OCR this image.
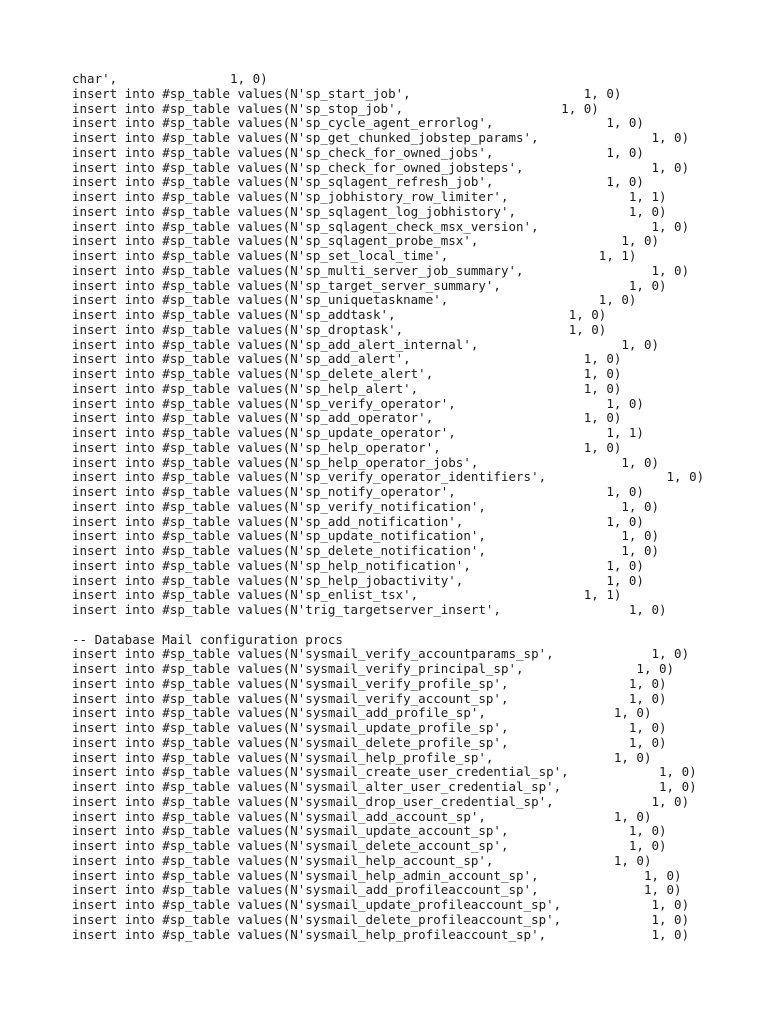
char',               1, 0)
insert into #sp_table values(N'sp_start_job',                       1, 0)
insert into #sp_table values(N'sp_stop_job',                     1, 0)
insert into #sp_table values(N'sp_cycle_agent_errorlog',               1, 0)
insert into #sp_table values(N'sp_get_chunked_jobstep_params',               1, 0)
insert into #sp_table values(N'sp_check_for_owned_jobs',               1, 0)
insert into #sp_table values(N'sp_check_for_owned_jobsteps',                 1, 0)
insert into #sp_table values(N'sp_sqlagent_refresh_job',               1, 0)
insert into #sp_table values(N'sp_jobhistory_row_limiter',                1, 1)
insert into #sp_table values(N'sp_sqlagent_log_jobhistory',               1, 0)
insert into #sp_table values(N'sp_sqlagent_check_msx_version',               1, 0)
insert into #sp_table values(N'sp_sqlagent_probe_msx',                   1, 0)
insert into #sp_table values(N'sp_set_local_time',                    1, 1)
insert into #sp_table values(N'sp_multi_server_job_summary',                 1, 0)
insert into #sp_table values(N'sp_target_server_summary',                 1, 0)
insert into #sp_table values(N'sp_uniquetaskname',                    1, 0)
insert into #sp_table values(N'sp_addtask',                       1, 0)
insert into #sp_table values(N'sp_droptask',                      1, 0)
insert into #sp_table values(N'sp_add_alert_internal',                   1, 0)
insert into #sp_table values(N'sp_add_alert',                       1, 0)
insert into #sp_table values(N'sp_delete_alert',                    1, 0)
insert into #sp_table values(N'sp_help_alert',                      1, 0)
insert into #sp_table values(N'sp_verify_operator',                    1, 0)
insert into #sp_table values(N'sp_add_operator',                    1, 0)
insert into #sp_table values(N'sp_update_operator',                    1, 1)
insert into #sp_table values(N'sp_help_operator',                   1, 0)
insert into #sp_table values(N'sp_help_operator_jobs',                   1, 0)
insert into #sp_table values(N'sp_verify_operator_identifiers',                1, 0)
insert into #sp_table values(N'sp_notify_operator',                    1, 0)
insert into #sp_table values(N'sp_verify_notification',                  1, 0)
insert into #sp_table values(N'sp_add_notification',                   1, 0)
insert into #sp_table values(N'sp_update_notification',                  1, 0)
insert into #sp_table values(N'sp_delete_notification',                  1, 0)
insert into #sp_table values(N'sp_help_notification',                  1, 0)
insert into #sp_table values(N'sp_help_jobactivity',                   1, 0)
insert into #sp_table values(N'sp_enlist_tsx',                      1, 1)
insert into #sp_table values(N'trig_targetserver_insert',                 1, 0)
-- Database Mail configuration procs
insert into #sp_table values(N'sysmail_verify_accountparams_sp',             1, 0)
insert into #sp_table values(N'sysmail_verify_principal_sp',               1, 0)
insert into #sp_table values(N'sysmail_verify_profile_sp',                1, 0)
insert into #sp_table values(N'sysmail_verify_account_sp',                1, 0)
insert into #sp_table values(N'sysmail_add_profile_sp',                 1, 0)
insert into #sp_table values(N'sysmail_update_profile_sp',                1, 0)
insert into #sp_table values(N'sysmail_delete_profile_sp',                1, 0)
insert into #sp_table values(N'sysmail_help_profile_sp',                1, 0)
insert into #sp_table values(N'sysmail_create_user_credential_sp',            1, 0)
insert into #sp_table values(N'sysmail_alter_user_credential_sp',             1, 0)
insert into #sp_table values(N'sysmail_drop_user_credential_sp',             1, 0)
insert into #sp_table values(N'sysmail_add_account_sp',                 1, 0)
insert into #sp_table values(N'sysmail_update_account_sp',                1, 0)
insert into #sp_table values(N'sysmail_delete_account_sp',                1, 0)
insert into #sp_table values(N'sysmail_help_account_sp',                1, 0)
insert into #sp_table values(N'sysmail_help_admin_account_sp',              1, 0)
insert into #sp_table values(N'sysmail_add_profileaccount_sp',              1, 0)
insert into #sp_table values(N'sysmail_update_profileaccount_sp',            1, 0)
insert into #sp_table values(N'sysmail_delete_profileaccount_sp',            1, 0)
insert into #sp_table values(N'sysmail_help_profileaccount_sp',              1, 0)
